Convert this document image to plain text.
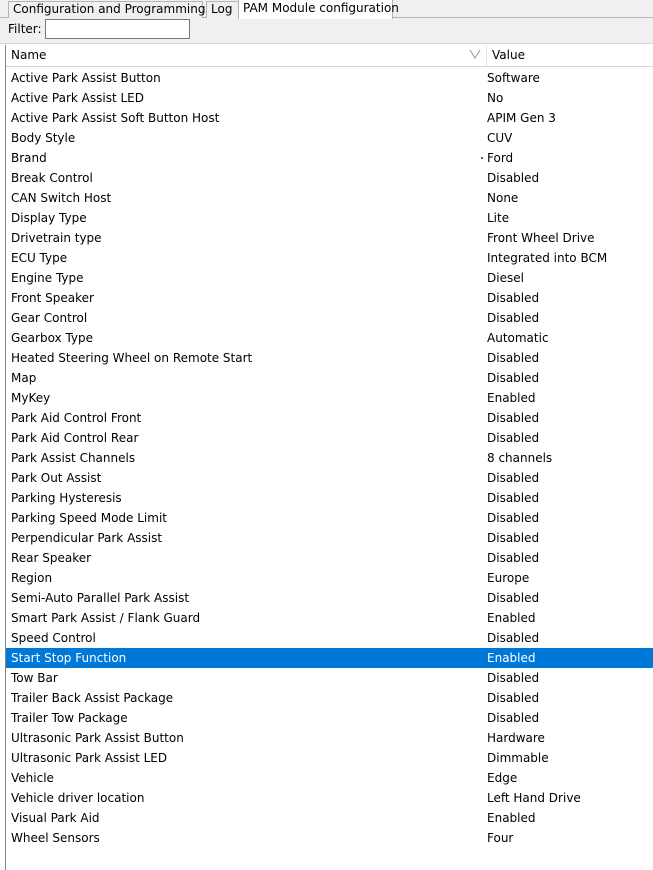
Configuration and Programming Log PAM Module configuration
Filter:
Name	Value
Active Park Assist Button	Software
Active Park Assist LED	No
Active Park Assist Soft Button Host	APIM Gen 3
Body Style	CUV
Brand	Ford
Break Control	Disabled
CAN Switch Host	None
Display Type	Lite
Drivetrain type	Front Wheel Drive
ECU Type	Integrated into BCM
Engine Type	Diesel
Front Speaker	Disabled
Gear Control	Disabled
Gearbox Type	Automatic
Heated Steering Wheel on Remote Start	Disabled
Map	Disabled
MyKey	Enabled
Park Aid Control Front	Disabled
Park Aid Control Rear	Disabled
Park Assist Channels	8 channels
Park Out Assist	Disabled
Parking Hysteresis	Disabled
Parking Speed Mode Limit	Disabled
Perpendicular Park Assist	Disabled
Rear Speaker	Disabled
Region	Europe
Semi-Auto Parallel Park Assist	Disabled
Smart Park Assist / Flank Guard	Enabled
Speed Control	Disabled
Start Stop Function	Enabled
Tow Bar	Disabled
Trailer Back Assist Package	Disabled
Trailer Tow Package	Disabled
Ultrasonic Park Assist Button	Hardware
Ultrasonic Park Assist LED	Dimmable
Vehicle	Edge
Vehicle driver location	Left Hand Drive
Visual Park Aid	Enabled
Wheel Sensors	Four
